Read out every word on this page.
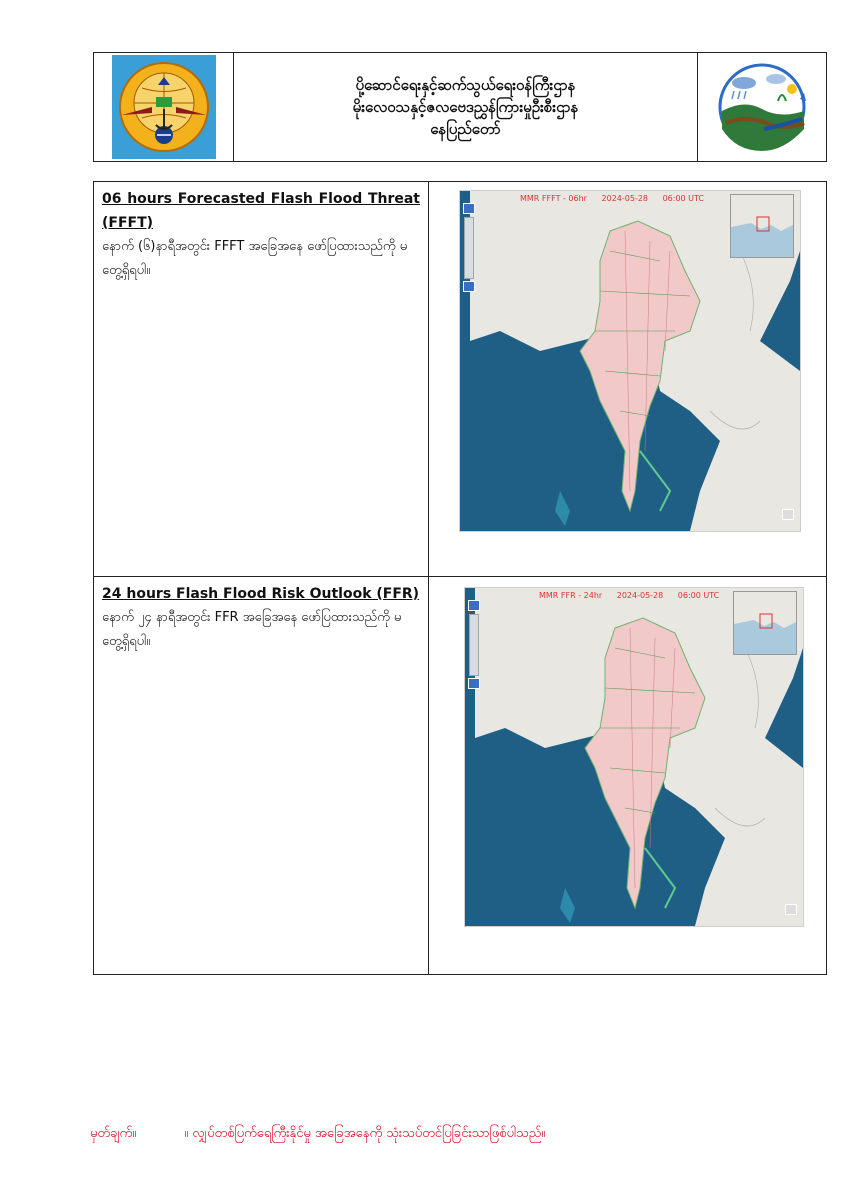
ပို့ဆောင်ရေးနှင့်ဆက်သွယ်ရေးဝန်ကြီးဌာန
မိုးလေဝသနှင့်ဇလဗေဒညွှန်ကြားမှုဦးစီးဌာန
နေပြည်တော်
06 hours Forecasted Flash Flood Threat (FFFT)
နောက် (၆)နာရီအတွင်း FFFT အခြေအနေ ဖော်ပြထားသည်ကို မတွေ့ရှိရပါ။
MMR FFFT - 06hr 2024-05-28 06:00 UTC
24 hours Flash Flood Risk Outlook (FFR)
နောက် ၂၄ နာရီအတွင်း FFR အခြေအနေ ဖော်ပြထားသည်ကို မတွေ့ရှိရပါ။
MMR FFR - 24hr 2024-05-28 06:00 UTC
မှတ်ချက်။	။ လျှပ်တစ်ပြက်ရေကြီးနိုင်မှု အခြေအနေကို သုံးသပ်တင်ပြခြင်းသာဖြစ်ပါသည်။
